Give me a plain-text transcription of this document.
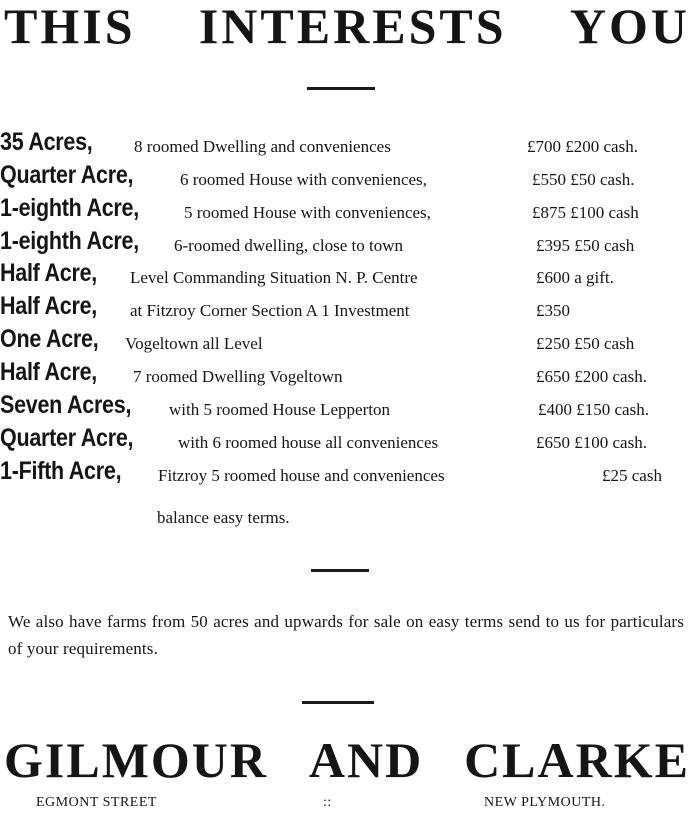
THIS INTERESTS YOU
35 Acres, 8 roomed Dwelling and conveniences	£700 £200 cash.
Quarter Acre,	6 roomed House with conveniences,	£550 £50 cash.
1-eighth Acre,	5 roomed House with conveniences,	£875 £100 cash
1-eighth Acre, 6-roomed dwelling, close to town	£395 £50 cash
Half Acre, Level Commanding Situation N. P. Centre	£600 a gift.
Half Acre, at Fitzroy Corner Section A 1 Investment	£350
One Acre, Vogeltown all Level	£250 £50 cash
Half Acre, 7 roomed Dwelling Vogeltown	£650 £200 cash.
Seven Acres, with 5 roomed House Lepperton	£400 £150 cash.
Quarter Acre,	with 6 roomed house all conveniences	£650 £100 cash.
1-Fifth Acre, Fitzroy 5 roomed house and conveniences	£25 cash
balance easy terms.
We also have farms from 50 acres and upwards for sale on easy terms send to us for particulars of your requirements.
GILMOUR AND CLARKE
EGMONT STREET	::	NEW PLYMOUTH.
